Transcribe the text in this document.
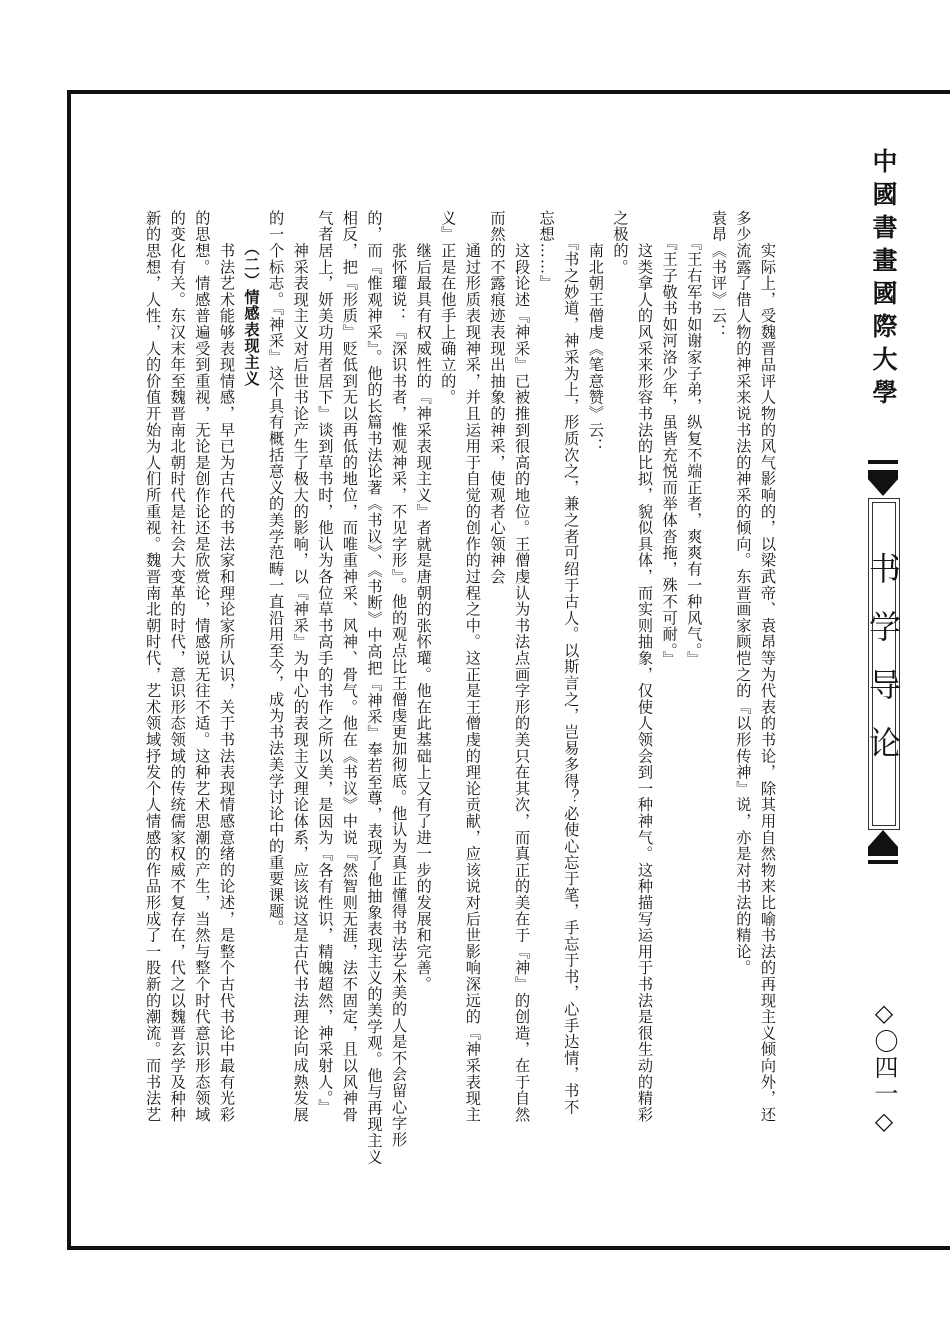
中國書畫國際大學
书学导论
◇〇四一◇
　　实际上，受魏晋品评人物的风气影响的，以梁武帝、袁昂等为代表的书论，除其用自然物来比喻书法的再现主义倾向外，还
多少流露了借人物的神采来说书法的神采的倾向。东晋画家顾恺之的『以形传神』说，亦是对书法的精论。
袁昂《书评》云：
　　『王右军书如谢家子弟，纵复不端正者，爽爽有一种风气。』
　　『王子敬书如河洛少年，虽皆充悦而举体沓拖，殊不可耐。』
　　这类拿人的风采来形容书法的比拟，貌似具体，而实则抽象，仅使人领会到一种神气。这种描写运用于书法是很生动的精彩
之极的。
　　南北朝王僧虔《笔意赞》云：
　　『书之妙道，神采为上，形质次之，兼之者可绍于古人。以斯言之，岂易多得？必使心忘于笔，手忘于书，心手达情，书不
忘想……』
　　这段论述『神采』已被推到很高的地位。王僧虔认为书法点画字形的美只在其次，而真正的美在于『神』的创造，在于自然
而然的不露痕迹表现出抽象的神采，使观者心领神会
　　通过形质表现神采，并且运用于自觉的创作的过程之中。这正是王僧虔的理论贡献，应该说对后世影响深远的『神采表现主
义』正是在他手上确立的。
　　继后最具有权威性的『神采表现主义』者就是唐朝的张怀瓘。他在此基础上又有了进一步的发展和完善。
　　张怀瓘说：『深识书者，惟观神采，不见字形』。他的观点比王僧虔更加彻底。他认为真正懂得书法艺术美的人是不会留心字形
的，而『惟观神采』。他的长篇书法论著《书议》、《书断》中高把『神采』奉若至尊，表现了他抽象表现主义的美学观。他与再现主义
相反，把『形质』贬低到无以再低的地位，而唯重神采、风神、骨气。他在《书议》中说『然智则无涯，法不固定，且以风神骨
气者居上，妍美功用者居下』谈到草书时，他认为各位草书高手的书作之所以美，是因为『各有性识，精魄超然，神采射人。』
　　神采表现主义对后世书论产生了极大的影响，以『神采』为中心的表现主义理论体系，应该说这是古代书法理论向成熟发展
的一个标志。『神采』这个具有概括意义的美学范畴一直沿用至今，成为书法美学讨论中的重要课题。
（二）情感表现主义
　　书法艺术能够表现情感，早已为古代的书法家和理论家所认识，关于书法表现情感意绪的论述，是整个古代书论中最有光彩
的思想。情感普遍受到重视，无论是创作论还是欣赏论，情感说无往不适。这种艺术思潮的产生，当然与整个时代意识形态领域
的变化有关。东汉末年至魏晋南北朝时代是社会大变革的时代，意识形态领域的传统儒家权威不复存在，代之以魏晋玄学及种种
新的思想，人性，人的价值开始为人们所重视。魏晋南北朝时代，艺术领域抒发个人情感的作品形成了一股新的潮流。而书法艺
